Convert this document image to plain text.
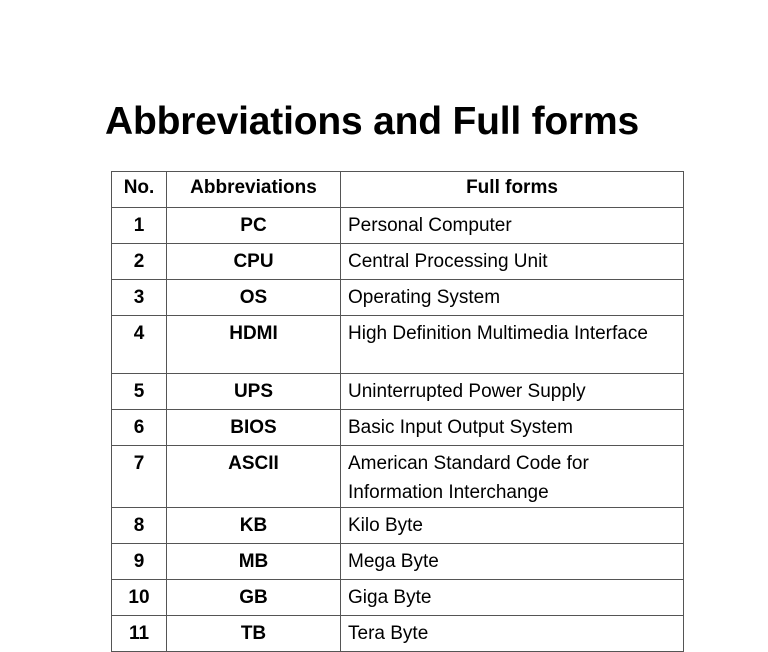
Abbreviations and Full forms
No.	Abbreviations	Full forms
1	PC	Personal Computer
2	CPU	Central Processing Unit
3	OS	Operating System
4	HDMI	High Definition Multimedia Interface
5	UPS	Uninterrupted Power Supply
6	BIOS	Basic Input Output System
7	ASCII	American Standard Code for Information Interchange
8	KB	Kilo Byte
9	MB	Mega Byte
10	GB	Giga Byte
11	TB	Tera Byte
